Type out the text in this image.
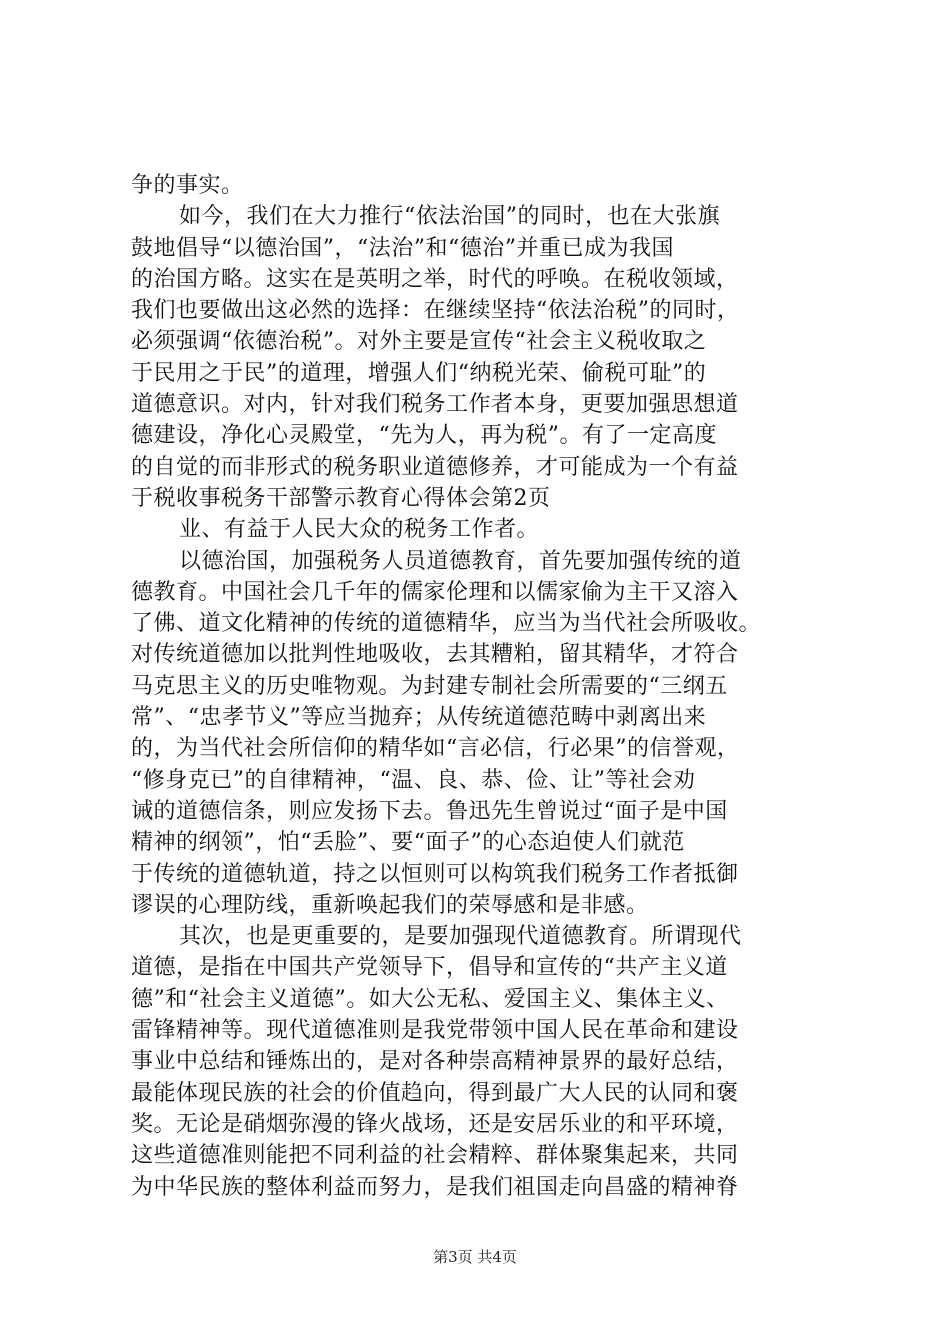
争的事实。
如今，我们在大力推行“依法治国”的同时，也在大张旗
鼓地倡导“以德治国”，“法治”和“德治”并重已成为我国
的治国方略。这实在是英明之举，时代的呼唤。在税收领域，
我们也要做出这必然的选择：在继续坚持“依法治税”的同时，
必须强调“依德治税”。对外主要是宣传“社会主义税收取之
于民用之于民”的道理，增强人们“纳税光荣、偷税可耻”的
道德意识。对内，针对我们税务工作者本身，更要加强思想道
德建设，净化心灵殿堂，“先为人，再为税”。有了一定高度
的自觉的而非形式的税务职业道德修养，才可能成为一个有益
于税收事税务干部警示教育心得体会第2页
业、有益于人民大众的税务工作者。
以德治国，加强税务人员道德教育，首先要加强传统的道
德教育。中国社会几千年的儒家伦理和以儒家偷为主干又溶入
了佛、道文化精神的传统的道德精华，应当为当代社会所吸收。
对传统道德加以批判性地吸收，去其糟粕，留其精华，才符合
马克思主义的历史唯物观。为封建专制社会所需要的“三纲五
常”、“忠孝节义”等应当抛弃；从传统道德范畴中剥离出来
的，为当代社会所信仰的精华如“言必信，行必果”的信誉观，
“修身克已”的自律精神，“温、良、恭、俭、让”等社会劝
诫的道德信条，则应发扬下去。鲁迅先生曾说过“面子是中国
精神的纲领”，怕“丢脸”、要“面子”的心态迫使人们就范
于传统的道德轨道，持之以恒则可以构筑我们税务工作者抵御
谬误的心理防线，重新唤起我们的荣辱感和是非感。
其次，也是更重要的，是要加强现代道德教育。所谓现代
道德，是指在中国共产党领导下，倡导和宣传的“共产主义道
德”和“社会主义道德”。如大公无私、爱国主义、集体主义、
雷锋精神等。现代道德准则是我党带领中国人民在革命和建设
事业中总结和锤炼出的，是对各种崇高精神景界的最好总结，
最能体现民族的社会的价值趋向，得到最广大人民的认同和褒
奖。无论是硝烟弥漫的锋火战场，还是安居乐业的和平环境，
这些道德准则能把不同利益的社会精粹、群体聚集起来，共同
为中华民族的整体利益而努力，是我们祖国走向昌盛的精神脊
第3页 共4页
